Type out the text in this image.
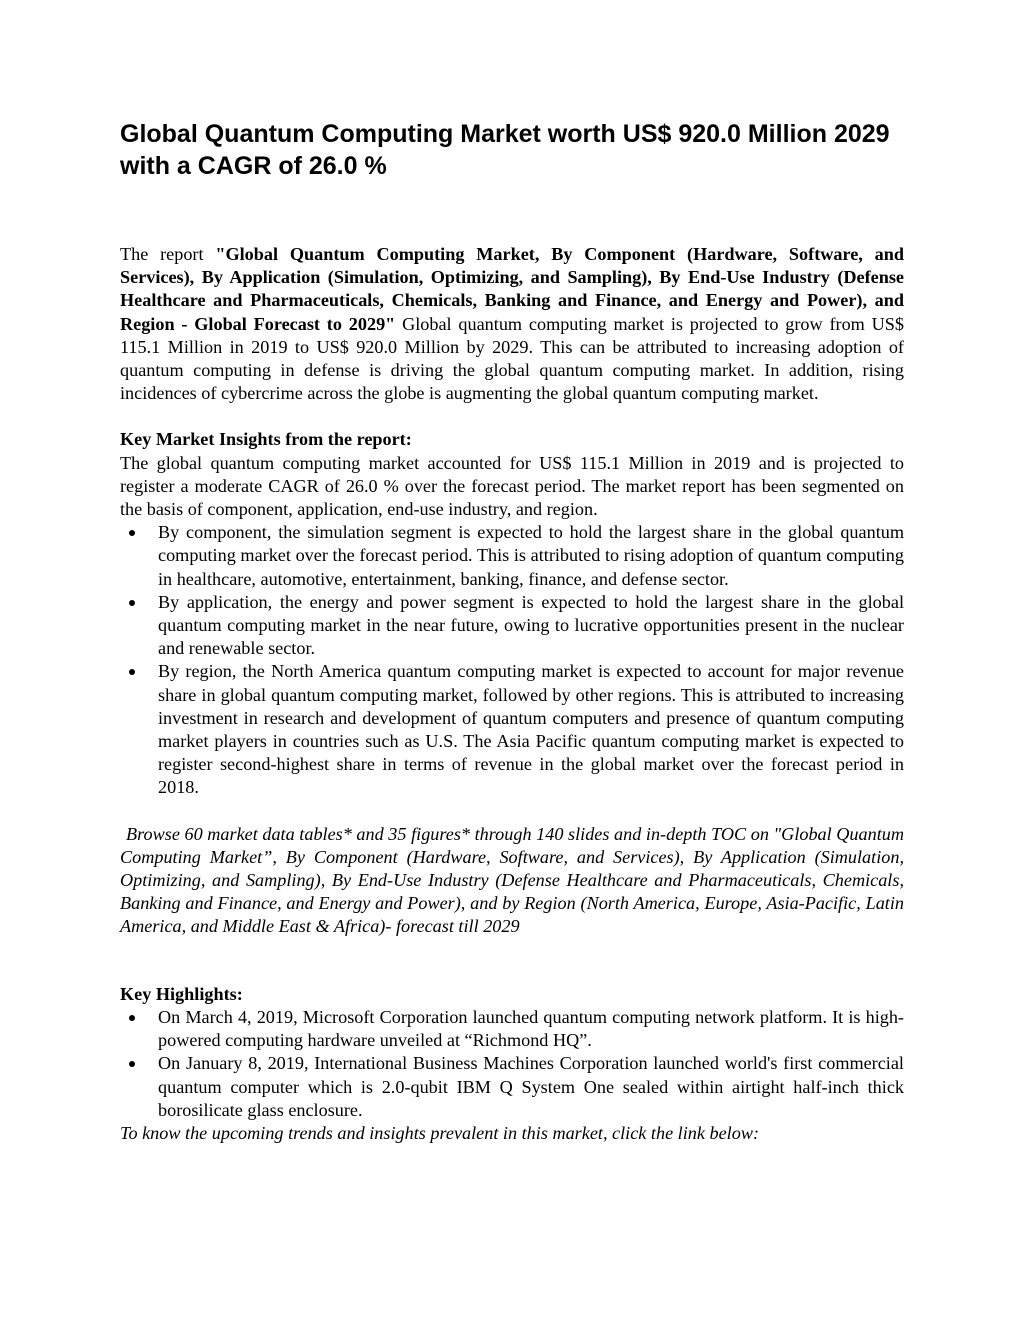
Global Quantum Computing Market worth US$ 920.0 Million 2029 with a CAGR of 26.0 %

The report "Global Quantum Computing Market, By Component (Hardware, Software, and Services), By Application (Simulation, Optimizing, and Sampling), By End-Use Industry (Defense Healthcare and Pharmaceuticals, Chemicals, Banking and Finance, and Energy and Power), and Region - Global Forecast to 2029" Global quantum computing market is projected to grow from US$ 115.1 Million in 2019 to US$ 920.0 Million by 2029. This can be attributed to increasing adoption of quantum computing in defense is driving the global quantum computing market. In addition, rising incidences of cybercrime across the globe is augmenting the global quantum computing market.

Key Market Insights from the report:

The global quantum computing market accounted for US$ 115.1 Million in 2019 and is projected to register a moderate CAGR of 26.0 % over the forecast period. The market report has been segmented on the basis of component, application, end-use industry, and region.

By component, the simulation segment is expected to hold the largest share in the global quantum computing market over the forecast period. This is attributed to rising adoption of quantum computing in healthcare, automotive, entertainment, banking, finance, and defense sector.
By application, the energy and power segment is expected to hold the largest share in the global quantum computing market in the near future, owing to lucrative opportunities present in the nuclear and renewable sector.
By region, the North America quantum computing market is expected to account for major revenue share in global quantum computing market, followed by other regions. This is attributed to increasing investment in research and development of quantum computers and presence of quantum computing market players in countries such as U.S. The Asia Pacific quantum computing market is expected to register second-highest share in terms of revenue in the global market over the forecast period in 2018.

Browse 60 market data tables* and 35 figures* through 140 slides and in-depth TOC on "Global Quantum Computing Market”, By Component (Hardware, Software, and Services), By Application (Simulation, Optimizing, and Sampling), By End-Use Industry (Defense Healthcare and Pharmaceuticals, Chemicals, Banking and Finance, and Energy and Power), and by Region (North America, Europe, Asia-Pacific, Latin America, and Middle East & Africa)- forecast till 2029

Key Highlights:

On March 4, 2019, Microsoft Corporation launched quantum computing network platform. It is high-powered computing hardware unveiled at “Richmond HQ”.
On January 8, 2019, International Business Machines Corporation launched world's first commercial quantum computer which is 2.0-qubit IBM Q System One sealed within airtight half-inch thick borosilicate glass enclosure.

To know the upcoming trends and insights prevalent in this market, click the link below:
